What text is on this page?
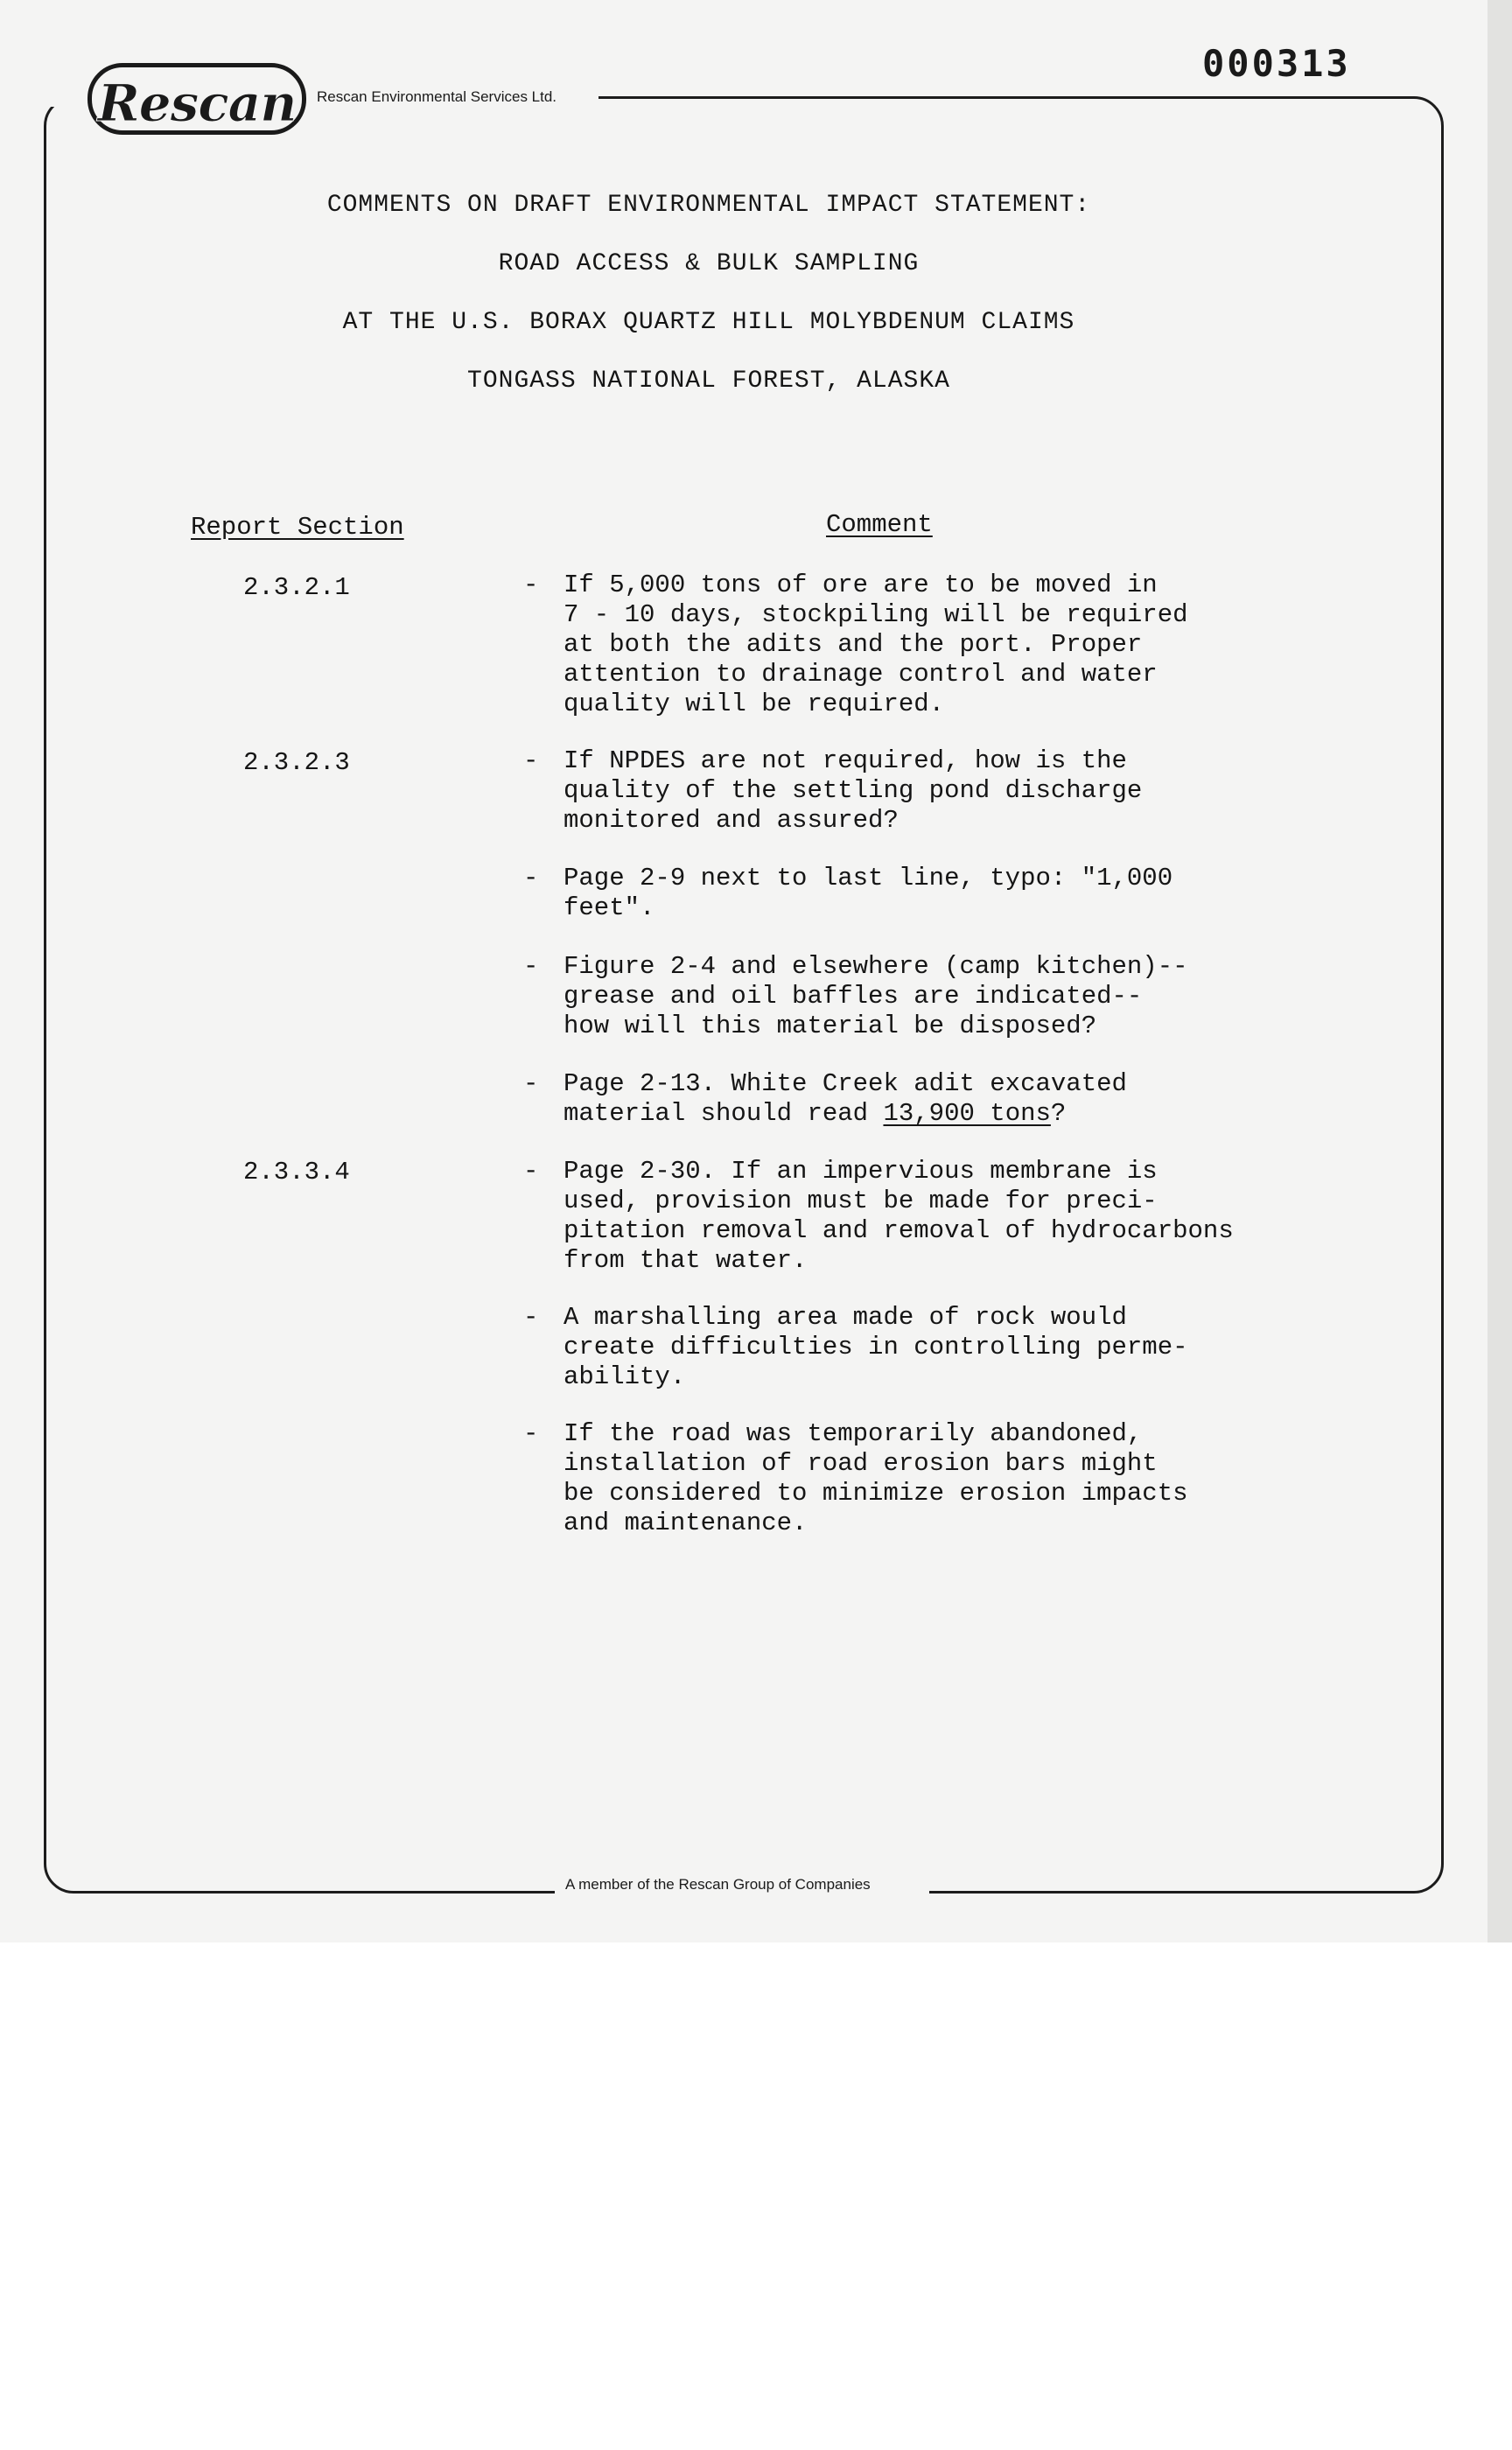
Rescan	Rescan Environmental Services Ltd.
000313
COMMENTS ON DRAFT ENVIRONMENTAL IMPACT STATEMENT:
ROAD ACCESS & BULK SAMPLING
AT THE U.S. BORAX QUARTZ HILL MOLYBDENUM CLAIMS
TONGASS NATIONAL FOREST, ALASKA
Report Section	Comment
2.3.2.1
2.3.2.3
2.3.3.4
- If 5,000 tons of ore are to be moved in
7 - 10 days, stockpiling will be required
at both the adits and the port. Proper
attention to drainage control and water
quality will be required.
- If NPDES are not required, how is the
quality of the settling pond discharge
monitored and assured?
- Page 2-9 next to last line, typo: "1,000
feet".
- Figure 2-4 and elsewhere (camp kitchen)--
grease and oil baffles are indicated--
how will this material be disposed?
- Page 2-13. White Creek adit excavated
material should read 13,900 tons?
- Page 2-30. If an impervious membrane is
used, provision must be made for preci-
pitation removal and removal of hydrocarbons
from that water.
- A marshalling area made of rock would
create difficulties in controlling perme-
ability.
- If the road was temporarily abandoned,
installation of road erosion bars might
be considered to minimize erosion impacts
and maintenance.
A member of the Rescan Group of Companies
